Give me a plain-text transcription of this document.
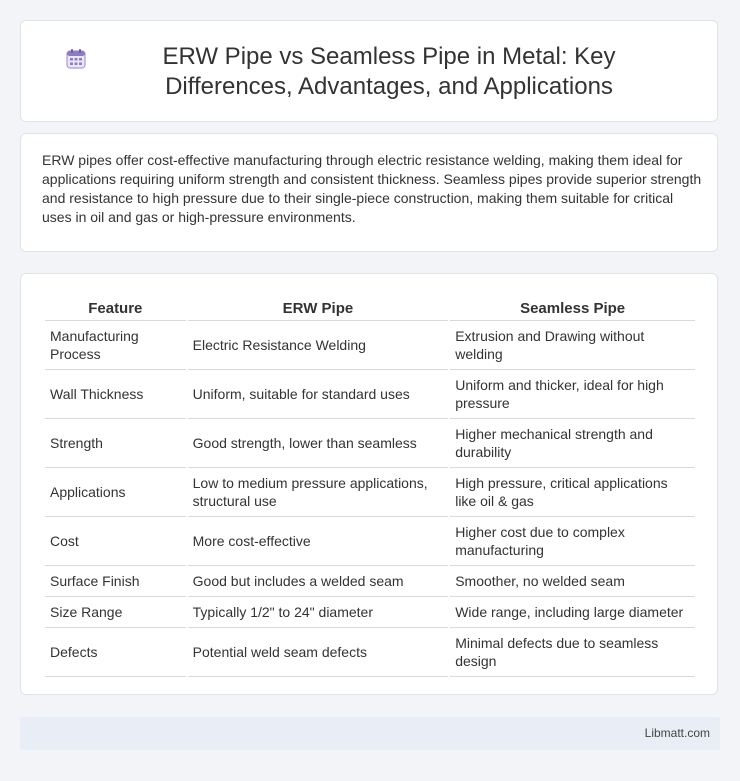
ERW Pipe vs Seamless Pipe in Metal: Key Differences, Advantages, and Applications

ERW pipes offer cost-effective manufacturing through electric resistance welding, making them ideal for applications requiring uniform strength and consistent thickness. Seamless pipes provide superior strength and resistance to high pressure due to their single-piece construction, making them suitable for critical uses in oil and gas or high-pressure environments.

Feature	ERW Pipe	Seamless Pipe
Manufacturing Process	Electric Resistance Welding	Extrusion and Drawing without welding
Wall Thickness	Uniform, suitable for standard uses	Uniform and thicker, ideal for high pressure
Strength	Good strength, lower than seamless	Higher mechanical strength and durability
Applications	Low to medium pressure applications, structural use	High pressure, critical applications like oil & gas
Cost	More cost-effective	Higher cost due to complex manufacturing
Surface Finish	Good but includes a welded seam	Smoother, no welded seam
Size Range	Typically 1/2" to 24" diameter	Wide range, including large diameter
Defects	Potential weld seam defects	Minimal defects due to seamless design
Libmatt.com
